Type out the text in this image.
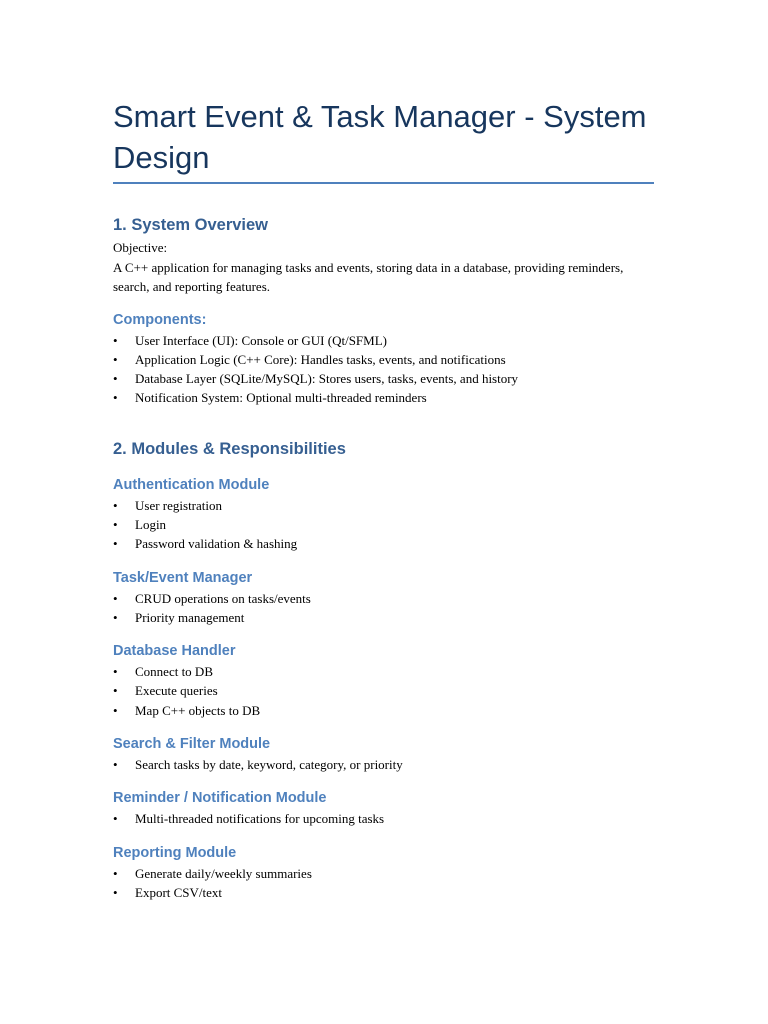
Smart Event & Task Manager - System Design
1. System Overview

Objective:

A C++ application for managing tasks and events, storing data in a database, providing reminders, search, and reporting features.

Components:
• User Interface (UI): Console or GUI (Qt/SFML)
• Application Logic (C++ Core): Handles tasks, events, and notifications
• Database Layer (SQLite/MySQL): Stores users, tasks, events, and history
• Notification System: Optional multi-threaded reminders
2. Modules & Responsibilities
Authentication Module
• User registration
• Login
• Password validation & hashing
Task/Event Manager
• CRUD operations on tasks/events
• Priority management
Database Handler
• Connect to DB
• Execute queries
• Map C++ objects to DB
Search & Filter Module
• Search tasks by date, keyword, category, or priority
Reminder / Notification Module
• Multi-threaded notifications for upcoming tasks
Reporting Module
• Generate daily/weekly summaries
• Export CSV/text
